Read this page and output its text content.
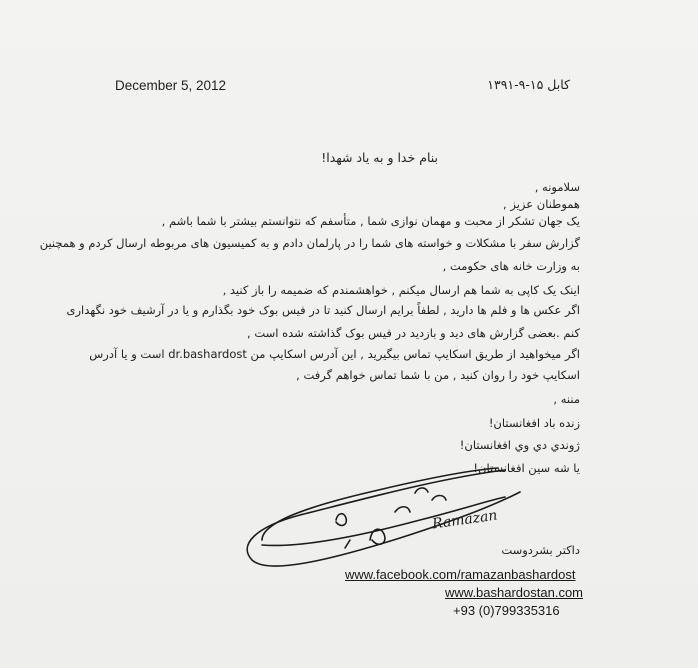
December 5, 2012	کابل ۱۵-۹-۱۳۹۱
بنام خدا و به یاد شهدا!
سلامونه ,
هموطنان عزیز ,
یک جهان تشکر از محبت و مهمان نوازی شما , متأسفم که نتوانستم بیشتر با شما باشم ,
گزارش سفر با مشکلات و خواسته های شما را در پارلمان دادم و به کمیسیون های مربوطه ارسال کردم و همچنین
به وزارت خانه های حکومت ,
اینک یک کاپی به شما هم ارسال میکنم , خواهشمندم که ضمیمه را باز کنید ,
اگر عکس ها و فلم ها دارید , لطفاً برایم ارسال کنید تا در فیس بوک خود بگذارم و یا در آرشیف خود نگهداری
کنم .بعضی گزارش های دید و بازدید در فیس بوک گذاشته شده است ,
اگر میخواهید از طریق اسکایپ تماس بیگیرید , این آدرس اسکایپ من dr.bashardost است و یا آدرس
اسکایپ خود را روان کنید , من با شما تماس خواهم گرفت ,
مننه ,
زنده باد افغانستان!
ژوندي دي وي افغانستان!
یا شه سین افغانستان!
Ramazan
داکتر بشردوست
www.facebook.com/ramazanbashardost
www.bashardostan.com
+93 (0)799335316
